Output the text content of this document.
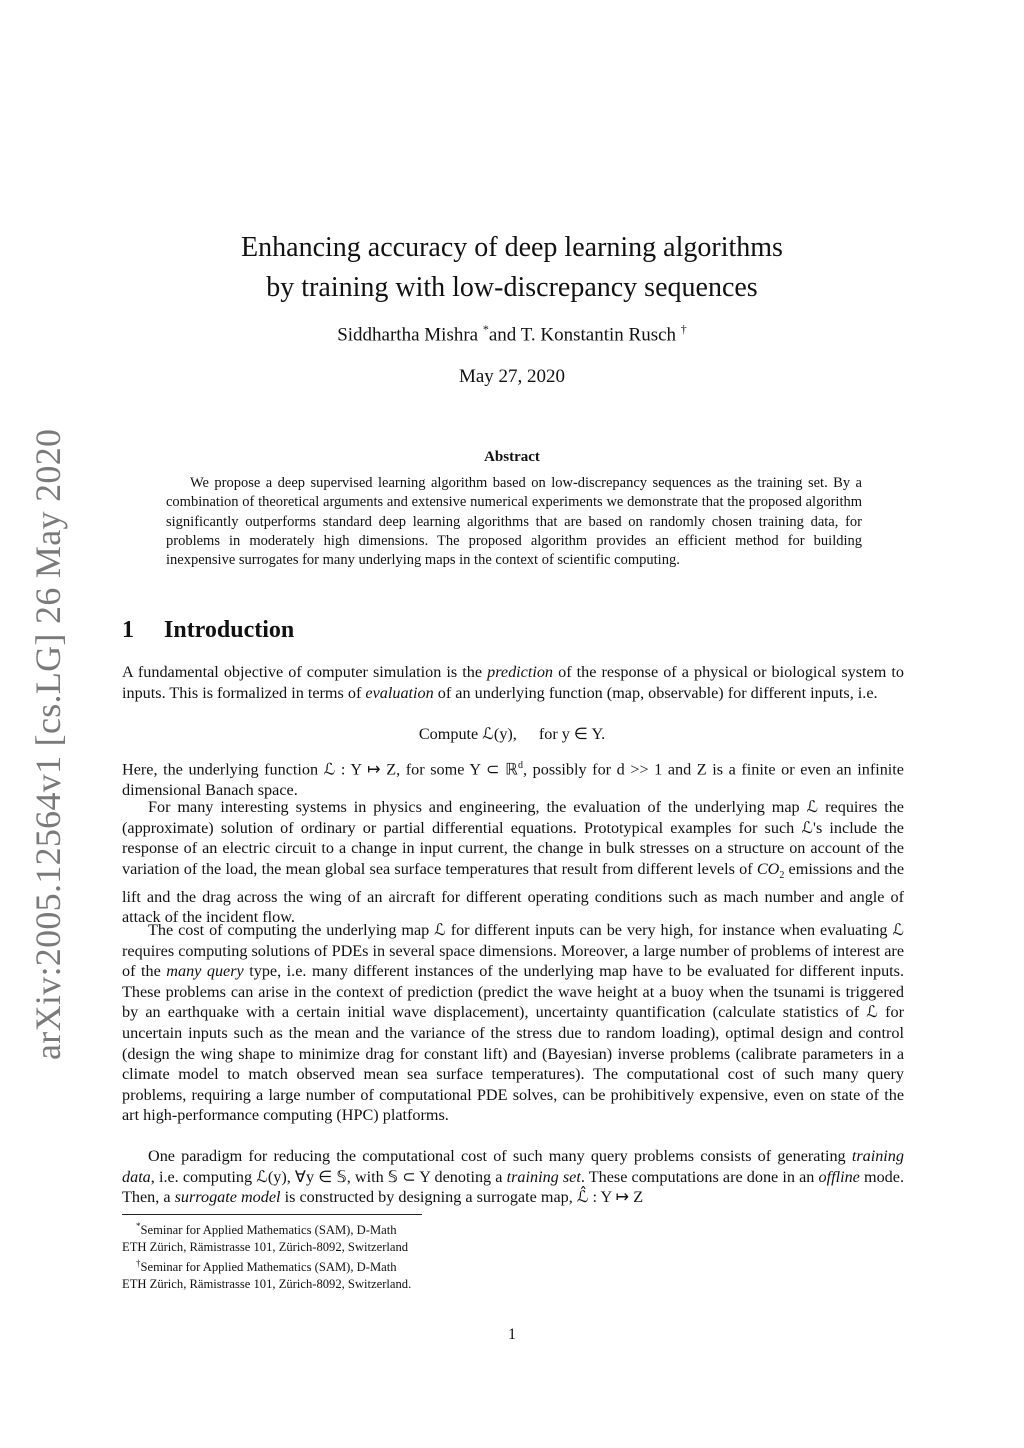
arXiv:2005.12564v1 [cs.LG] 26 May 2020
Enhancing accuracy of deep learning algorithms
by training with low-discrepancy sequences
Siddhartha Mishra *and T. Konstantin Rusch †
May 27, 2020
Abstract
We propose a deep supervised learning algorithm based on low-discrepancy sequences as the training set. By a combination of theoretical arguments and extensive numerical experiments we demonstrate that the proposed algorithm significantly outperforms standard deep learning algorithms that are based on randomly chosen training data, for problems in moderately high dimensions. The proposed algorithm provides an efficient method for building inexpensive surrogates for many underlying maps in the context of scientific computing.
1 Introduction
A fundamental objective of computer simulation is the prediction of the response of a physical or biological system to inputs. This is formalized in terms of evaluation of an underlying function (map, observable) for different inputs, i.e.
Compute ℒ(y), for y ∈ Y.
Here, the underlying function ℒ : Y ↦ Z, for some Y ⊂ ℝ$^d$, possibly for d >> 1 and Z is a finite or even an infinite dimensional Banach space.
For many interesting systems in physics and engineering, the evaluation of the underlying map ℒ requires the (approximate) solution of ordinary or partial differential equations. Prototypical examples for such ℒ's include the response of an electric circuit to a change in input current, the change in bulk stresses on a structure on account of the variation of the load, the mean global sea surface temperatures that result from different levels of $CO_2$ emissions and the lift and the drag across the wing of an aircraft for different operating conditions such as mach number and angle of attack of the incident flow.
The cost of computing the underlying map ℒ for different inputs can be very high, for instance when evaluating ℒ requires computing solutions of PDEs in several space dimensions. Moreover, a large number of problems of interest are of the many query type, i.e. many different instances of the underlying map have to be evaluated for different inputs. These problems can arise in the context of prediction (predict the wave height at a buoy when the tsunami is triggered by an earthquake with a certain initial wave displacement), uncertainty quantification (calculate statistics of ℒ for uncertain inputs such as the mean and the variance of the stress due to random loading), optimal design and control (design the wing shape to minimize drag for constant lift) and (Bayesian) inverse problems (calibrate parameters in a climate model to match observed mean sea surface temperatures). The computational cost of such many query problems, requiring a large number of computational PDE solves, can be prohibitively expensive, even on state of the art high-performance computing (HPC) platforms.
One paradigm for reducing the computational cost of such many query problems consists of generating training data, i.e. computing ℒ(y), ∀y ∈ 𝕊, with 𝕊 ⊂ Y denoting a training set. These computations are done in an offline mode. Then, a surrogate model is constructed by designing a surrogate map, ℒ̂ : Y ↦ Z
*Seminar for Applied Mathematics (SAM), D-Math
ETH Zürich, Rämistrasse 101, Zürich-8092, Switzerland
†Seminar for Applied Mathematics (SAM), D-Math
ETH Zürich, Rämistrasse 101, Zürich-8092, Switzerland.
1
